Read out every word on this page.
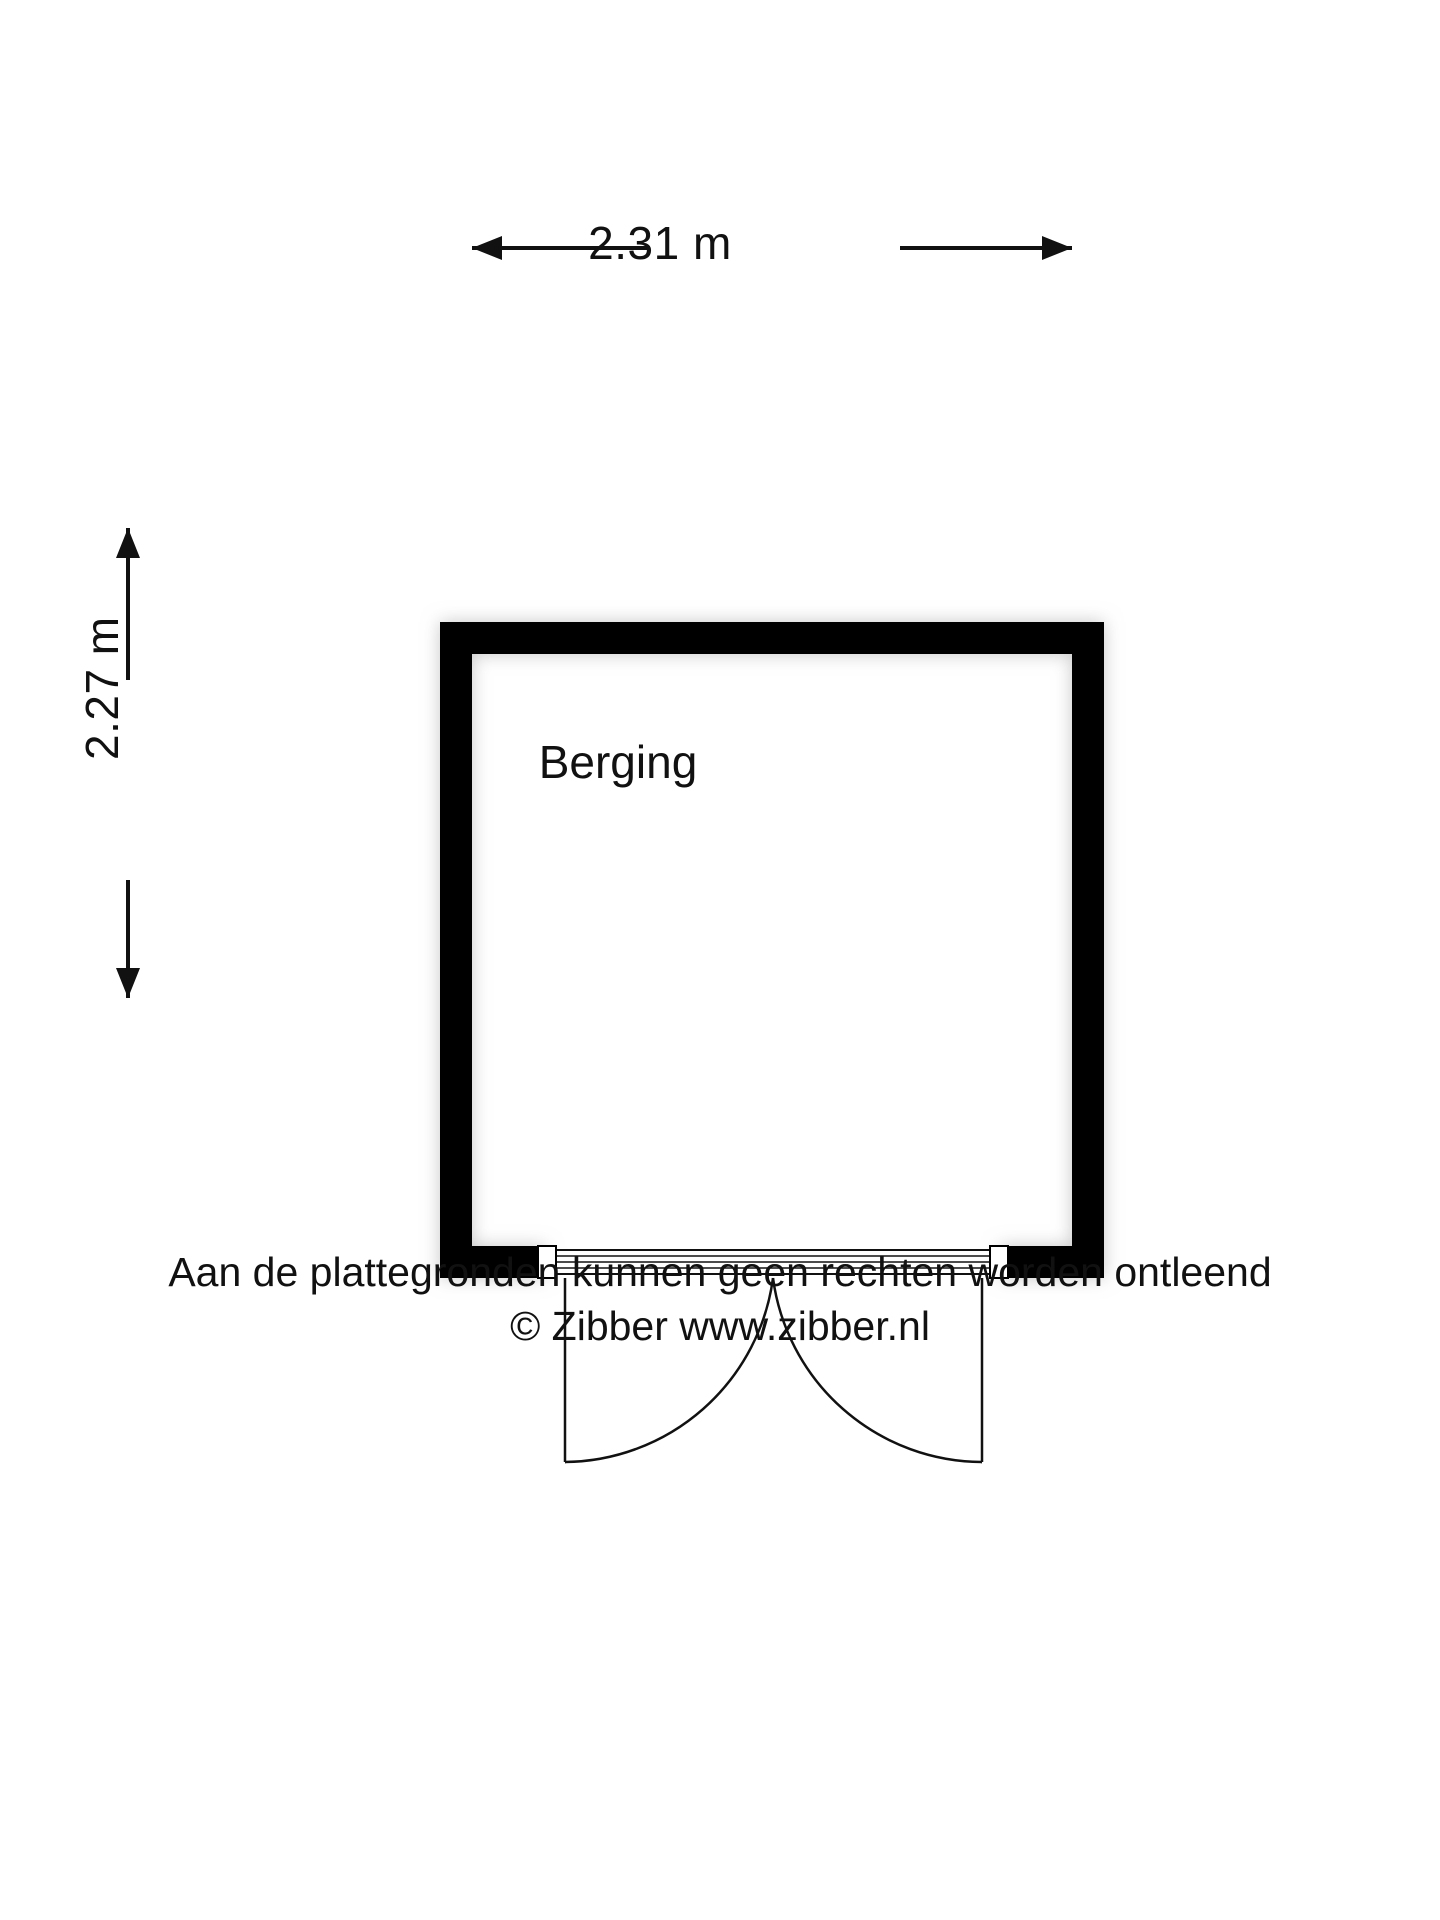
2.31 m
2.27 m
Berging
Aan de plattegronden kunnen geen rechten worden ontleend
© Zibber www.zibber.nl
